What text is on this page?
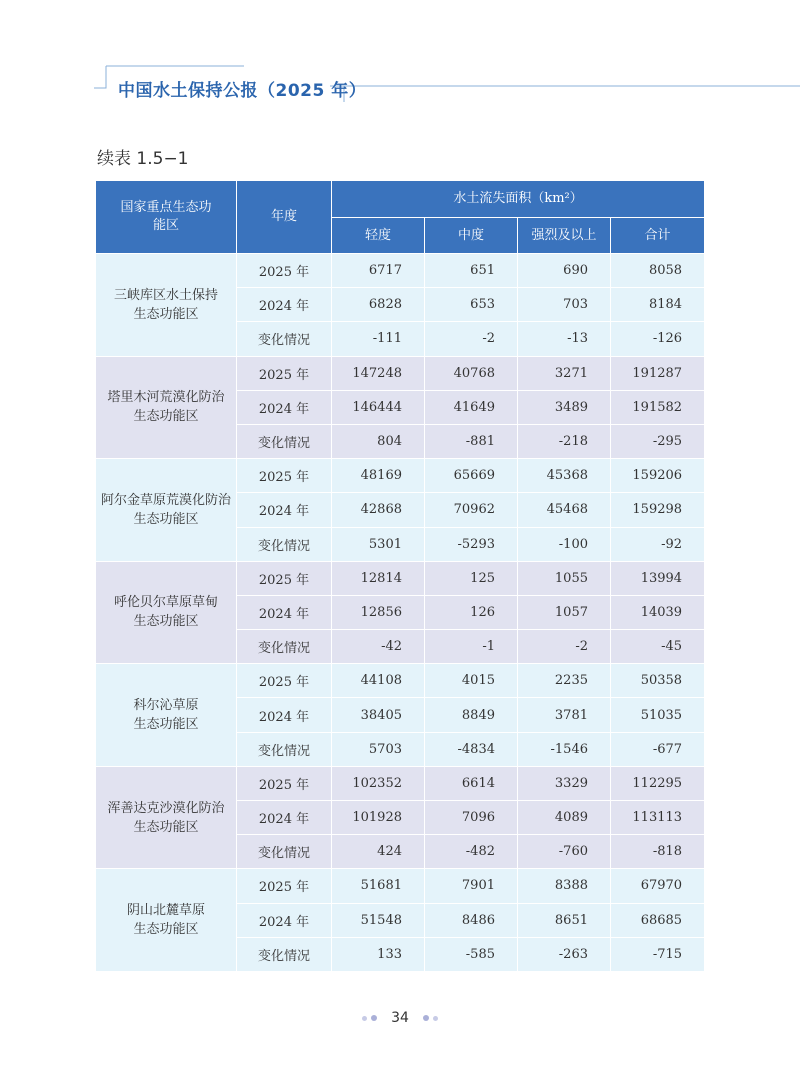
中国水土保持公报（2025 年）
续表 1.5−1
国家重点生态功能区	年度	水土流失面积（km²）			
		轻度	中度	强烈及以上	合计
三峡库区水土保持
生态功能区	2025 年	6717	651	690	8058
	2024 年	6828	653	703	8184
	变化情况	-111	-2	-13	-126
塔里木河荒漠化防治
生态功能区	2025 年	147248	40768	3271	191287
	2024 年	146444	41649	3489	191582
	变化情况	804	-881	-218	-295
阿尔金草原荒漠化防治
生态功能区	2025 年	48169	65669	45368	159206
	2024 年	42868	70962	45468	159298
	变化情况	5301	-5293	-100	-92
呼伦贝尔草原草甸
生态功能区	2025 年	12814	125	1055	13994
	2024 年	12856	126	1057	14039
	变化情况	-42	-1	-2	-45
科尔沁草原
生态功能区	2025 年	44108	4015	2235	50358
	2024 年	38405	8849	3781	51035
	变化情况	5703	-4834	-1546	-677
浑善达克沙漠化防治
生态功能区	2025 年	102352	6614	3329	112295
	2024 年	101928	7096	4089	113113
	变化情况	424	-482	-760	-818
阴山北麓草原
生态功能区	2025 年	51681	7901	8388	67970
	2024 年	51548	8486	8651	68685
	变化情况	133	-585	-263	-715
34
